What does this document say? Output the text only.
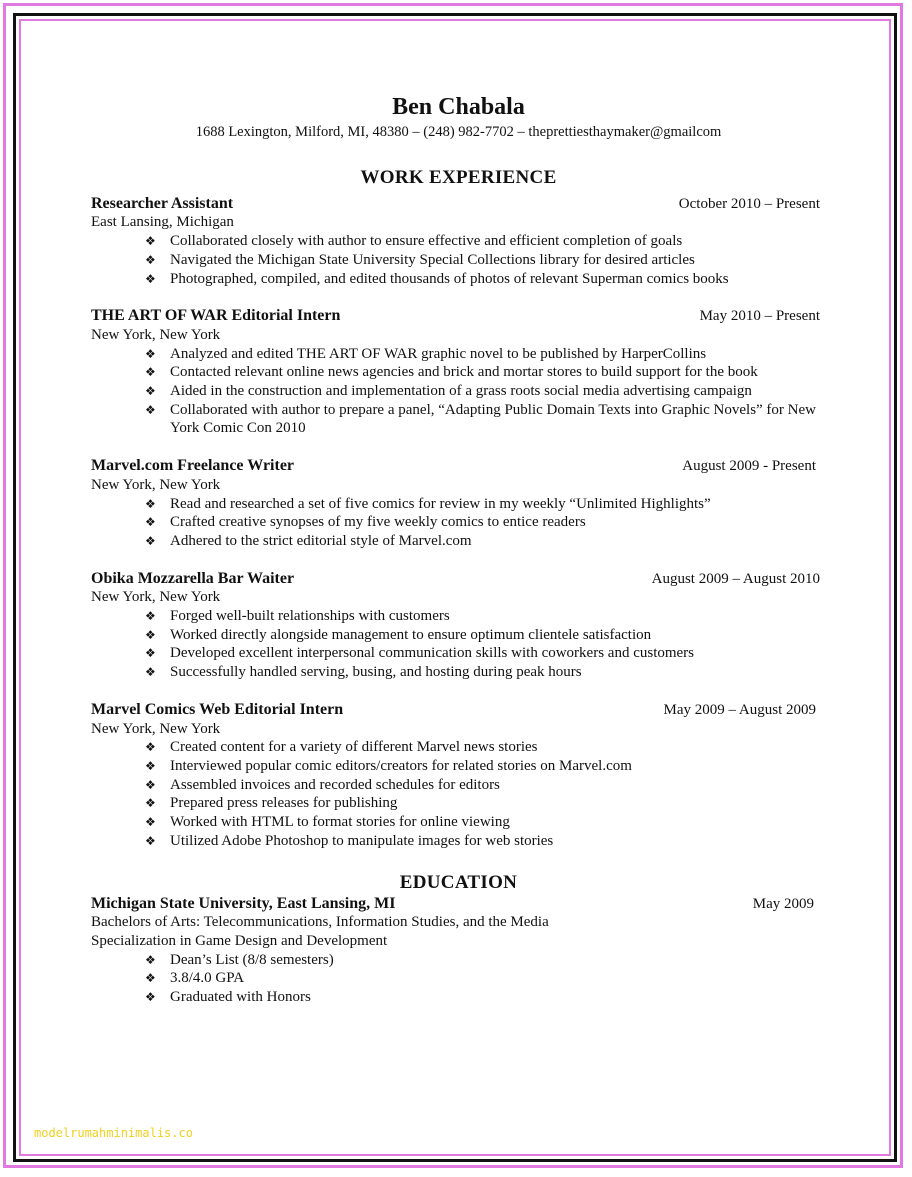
Ben Chabala
1688 Lexington, Milford, MI, 48380 – (248) 982-7702 – theprettiesthaymaker@gmailcom
WORK EXPERIENCE
Researcher Assistant	October 2010 – Present
East Lansing, Michigan
❖ Collaborated closely with author to ensure effective and efficient completion of goals
❖ Navigated the Michigan State University Special Collections library for desired articles
❖ Photographed, compiled, and edited thousands of photos of relevant Superman comics books
THE ART OF WAR Editorial Intern	May 2010 – Present
New York, New York
❖ Analyzed and edited THE ART OF WAR graphic novel to be published by HarperCollins
❖ Contacted relevant online news agencies and brick and mortar stores to build support for the book
❖ Aided in the construction and implementation of a grass roots social media advertising campaign
❖ Collaborated with author to prepare a panel, “Adapting Public Domain Texts into Graphic Novels” for New York Comic Con 2010
Marvel.com Freelance Writer	August 2009 - Present
New York, New York
❖ Read and researched a set of five comics for review in my weekly “Unlimited Highlights”
❖ Crafted creative synopses of my five weekly comics to entice readers
❖ Adhered to the strict editorial style of Marvel.com
Obika Mozzarella Bar Waiter	August 2009 – August 2010
New York, New York
❖ Forged well-built relationships with customers
❖ Worked directly alongside management to ensure optimum clientele satisfaction
❖ Developed excellent interpersonal communication skills with coworkers and customers
❖ Successfully handled serving, busing, and hosting during peak hours
Marvel Comics Web Editorial Intern	May 2009 – August 2009
New York, New York
❖ Created content for a variety of different Marvel news stories
❖ Interviewed popular comic editors/creators for related stories on Marvel.com
❖ Assembled invoices and recorded schedules for editors
❖ Prepared press releases for publishing
❖ Worked with HTML to format stories for online viewing
❖ Utilized Adobe Photoshop to manipulate images for web stories
EDUCATION
Michigan State University, East Lansing, MI	May 2009
Bachelors of Arts: Telecommunications, Information Studies, and the Media
Specialization in Game Design and Development
❖ Dean’s List (8/8 semesters)
❖ 3.8/4.0 GPA
❖ Graduated with Honors
modelrumahminimalis.co
